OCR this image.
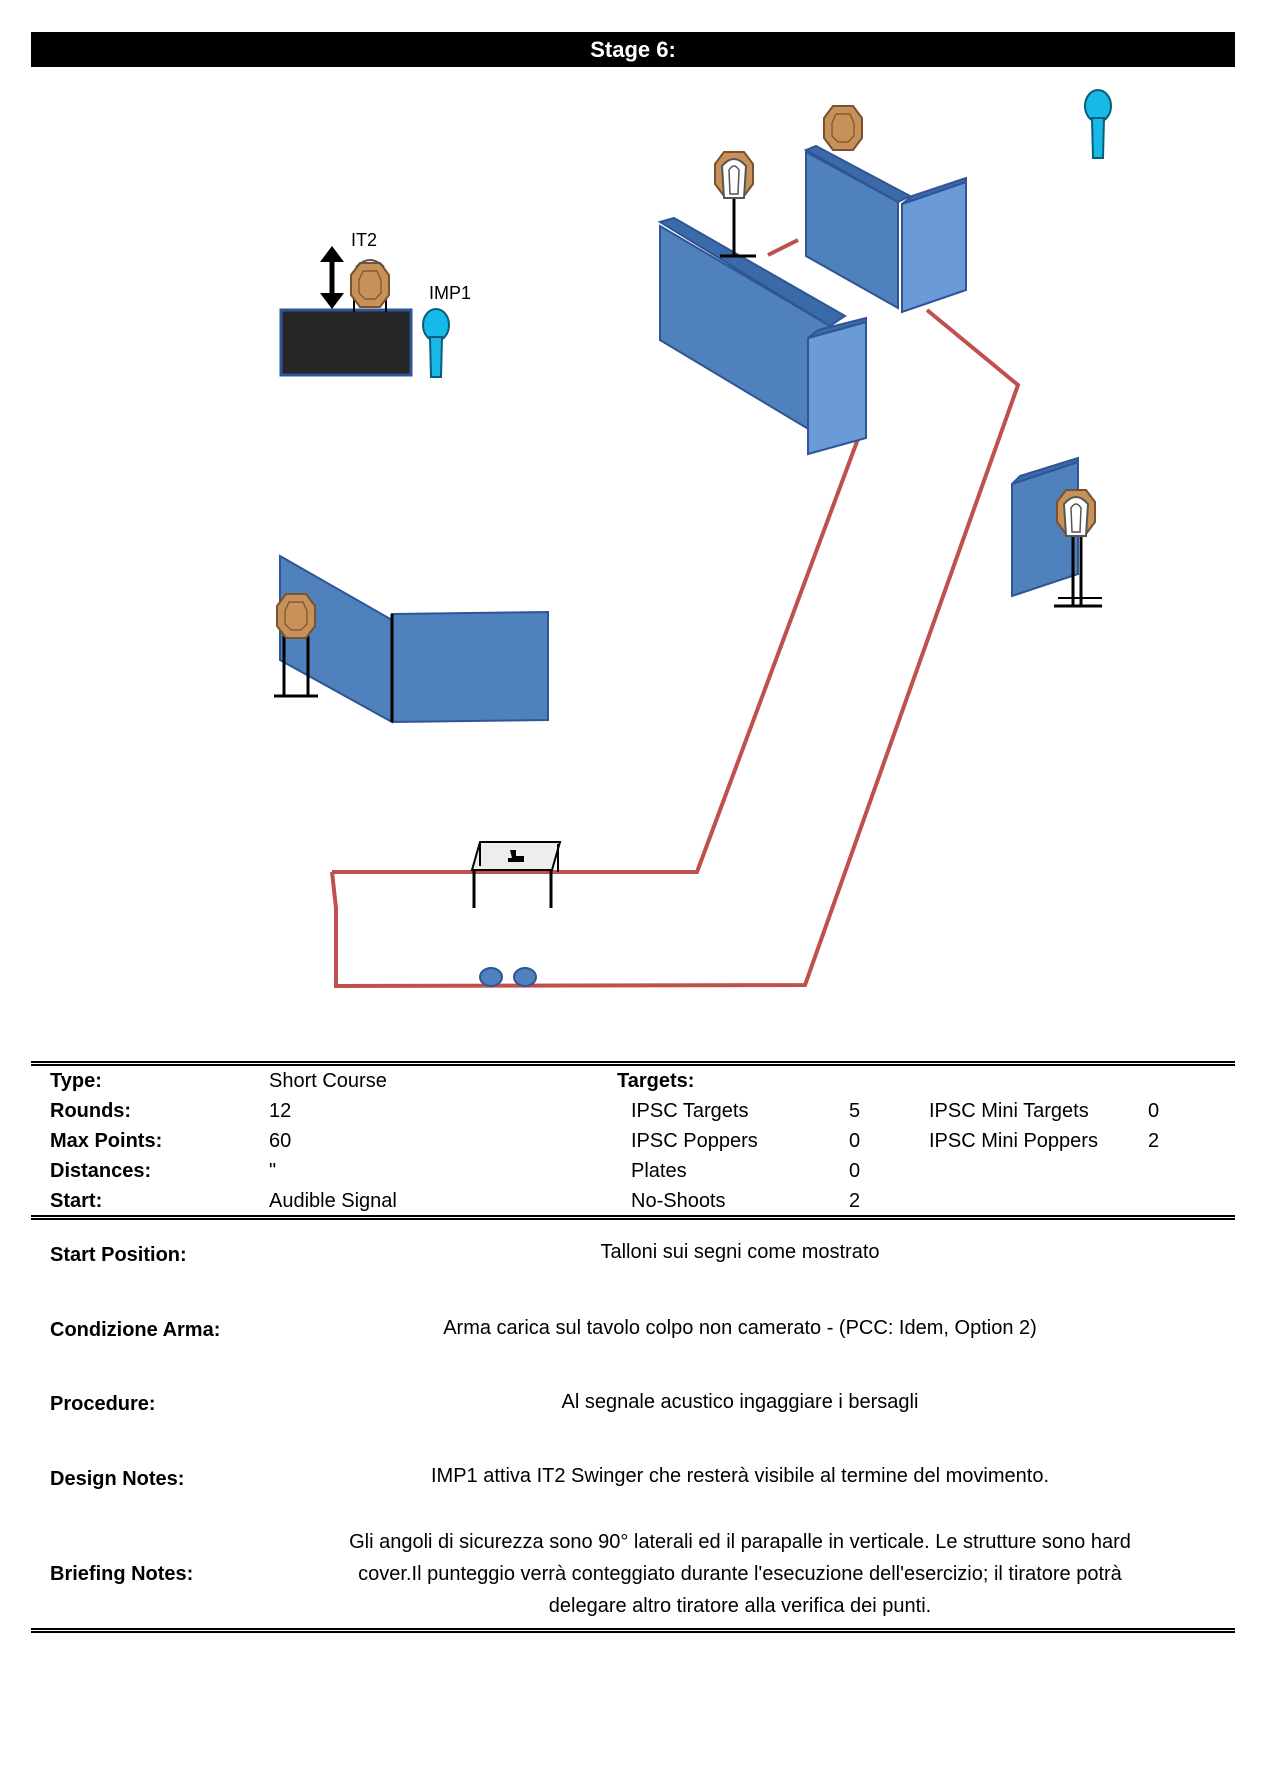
Stage 6:
IT2
IMP1
Type:	Short Course	Targets:
Rounds:	12	IPSC Targets	5	IPSC Mini Targets	0
Max Points:	60	IPSC Poppers	0	IPSC Mini Poppers	2
Distances:	"	Plates	0
Start:	Audible Signal	No-Shoots	2
Start Position:	Talloni sui segni come mostrato
Condizione Arma:	Arma carica sul tavolo colpo non camerato - (PCC: Idem, Option 2)
Procedure:	Al segnale acustico ingaggiare i bersagli
Design Notes:	IMP1 attiva IT2 Swinger che resterà visibile al termine del movimento.
Briefing Notes:
Gli angoli di sicurezza sono 90° laterali ed il parapalle in verticale. Le strutture sono hard
cover.Il punteggio verrà conteggiato durante l'esecuzione dell'esercizio; il tiratore potrà
delegare altro tiratore alla verifica dei punti.
